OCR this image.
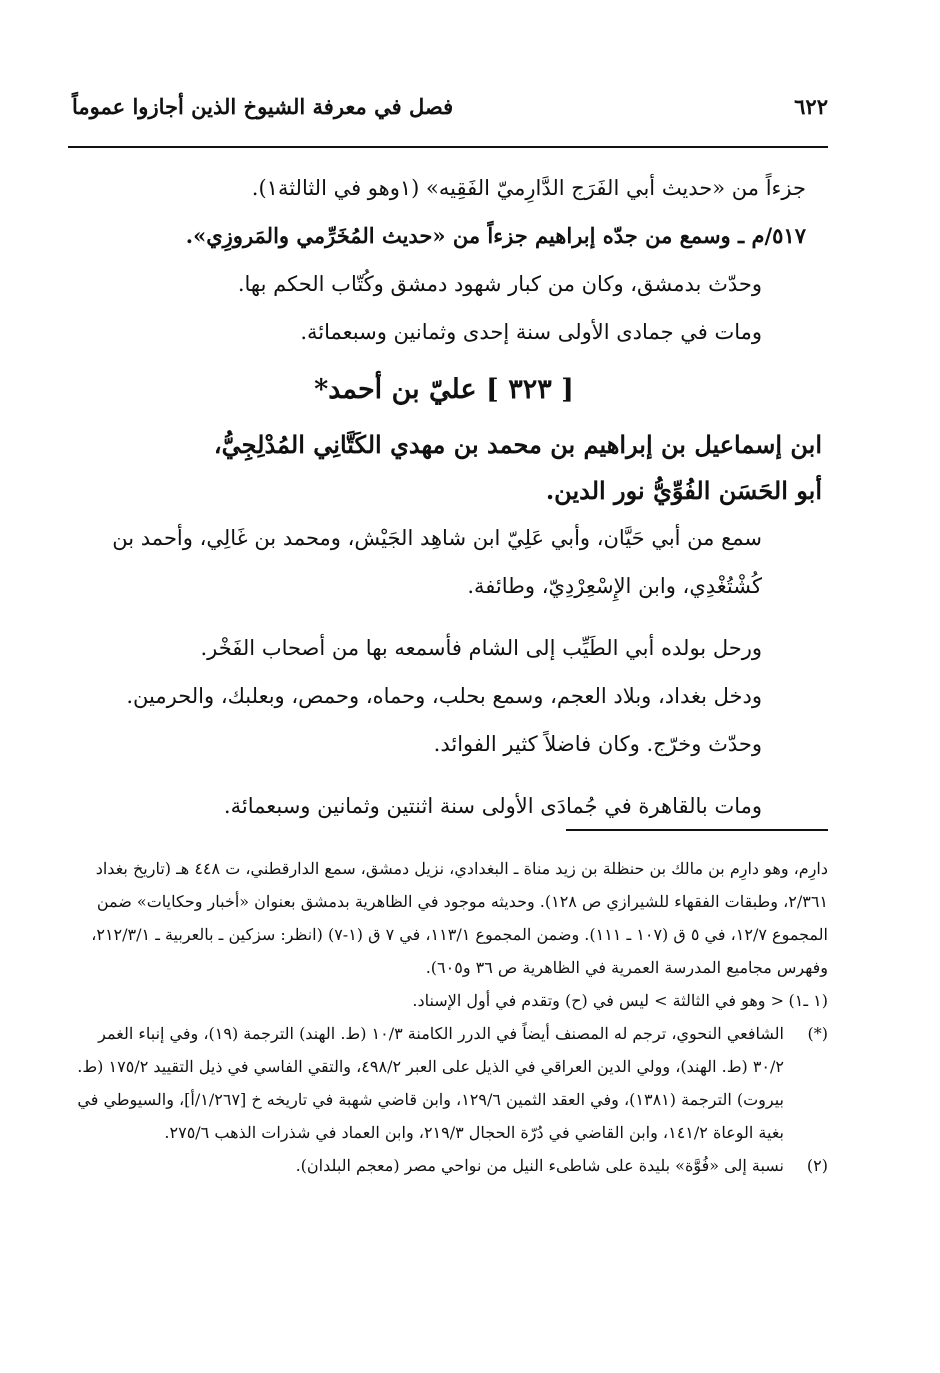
٦٢٢
فصل في معرفة الشيوخ الذين أجازوا عموماً

جزءاً من «حديث أبي الفَرَج الدَّارِميّ الفَقِيه» (١وهو في الثالثة١).

٥١٧/م ـ وسمع من جدّه إبراهيم جزءاً من «حديث المُخَرِّمي والمَروزِي».

وحدّث بدمشق، وكان من كبار شهود دمشق وكُتّاب الحكم بها.

ومات في جمادى الأولى سنة إحدى وثمانين وسبعمائة.

[ ٣٢٣ ] عليّ بن أحمد*

ابن إسماعيل بن إبراهيم بن محمد بن مهدي الكَتَّانِي المُدْلِجِيُّ،

أبو الحَسَن الفُوِّيُّ نور الدين.

سمع من أبي حَيَّان، وأبي عَلِيّ ابن شاهِد الجَيْش، ومحمد بن غَالِي، وأحمد بن كُشْتُغْدِي، وابن الإِسْعِرْدِيّ، وطائفة.

ورحل بولده أبي الطَيِّب إلى الشام فأسمعه بها من أصحاب الفَخْر.

ودخل بغداد، وبلاد العجم، وسمع بحلب، وحماه، وحمص، وبعلبك، والحرمين. وحدّث وخرّج. وكان فاضلاً كثير الفوائد.

ومات بالقاهرة في جُمادَى الأولى سنة اثنتين وثمانين وسبعمائة.

دارِم، وهو دارِم بن مالك بن حنظلة بن زيد مناة ـ البغدادي، نزيل دمشق، سمع الدارقطني، ت ٤٤٨ هـ (تاريخ بغداد ٢/٣٦١، وطبقات الفقهاء للشيرازي ص ١٢٨). وحديثه موجود في الظاهرية بدمشق بعنوان «أخبار وحكايات» ضمن المجموع ١٢/٧، في ٥ ق (١٠٧ ـ ١١١). وضمن المجموع ١١٣/١، في ٧ ق (١-٧) (انظر: سزكين ـ بالعربية ـ ٢١٢/٣/١، وفهرس مجاميع المدرسة العمرية في الظاهرية ص ٣٦ و٦٠٥).

(١ ـ١)
< وهو في الثالثة > ليس في (ح) وتقدم في أول الإسناد.
(*)
الشافعي النحوي، ترجم له المصنف أيضاً في الدرر الكامنة ١٠/٣ (ط. الهند) الترجمة (١٩)، وفي إنباء الغمر ٣٠/٢ (ط. الهند)، وولي الدين العراقي في الذيل على العبر ٤٩٨/٢، والتقي الفاسي في ذيل التقييد ١٧٥/٢ (ط. بيروت) الترجمة (١٣٨١)، وفي العقد الثمين ١٢٩/٦، وابن قاضي شهبة في تاريخه خ [١/٢٦٧/أ]، والسيوطي في بغية الوعاة ١٤١/٢، وابن القاضي في دُرّة الحجال ٢١٩/٣، وابن العماد في شذرات الذهب ٢٧٥/٦.
(٢)
نسبة إلى «فُوَّة» بليدة على شاطىء النيل من نواحي مصر (معجم البلدان).
